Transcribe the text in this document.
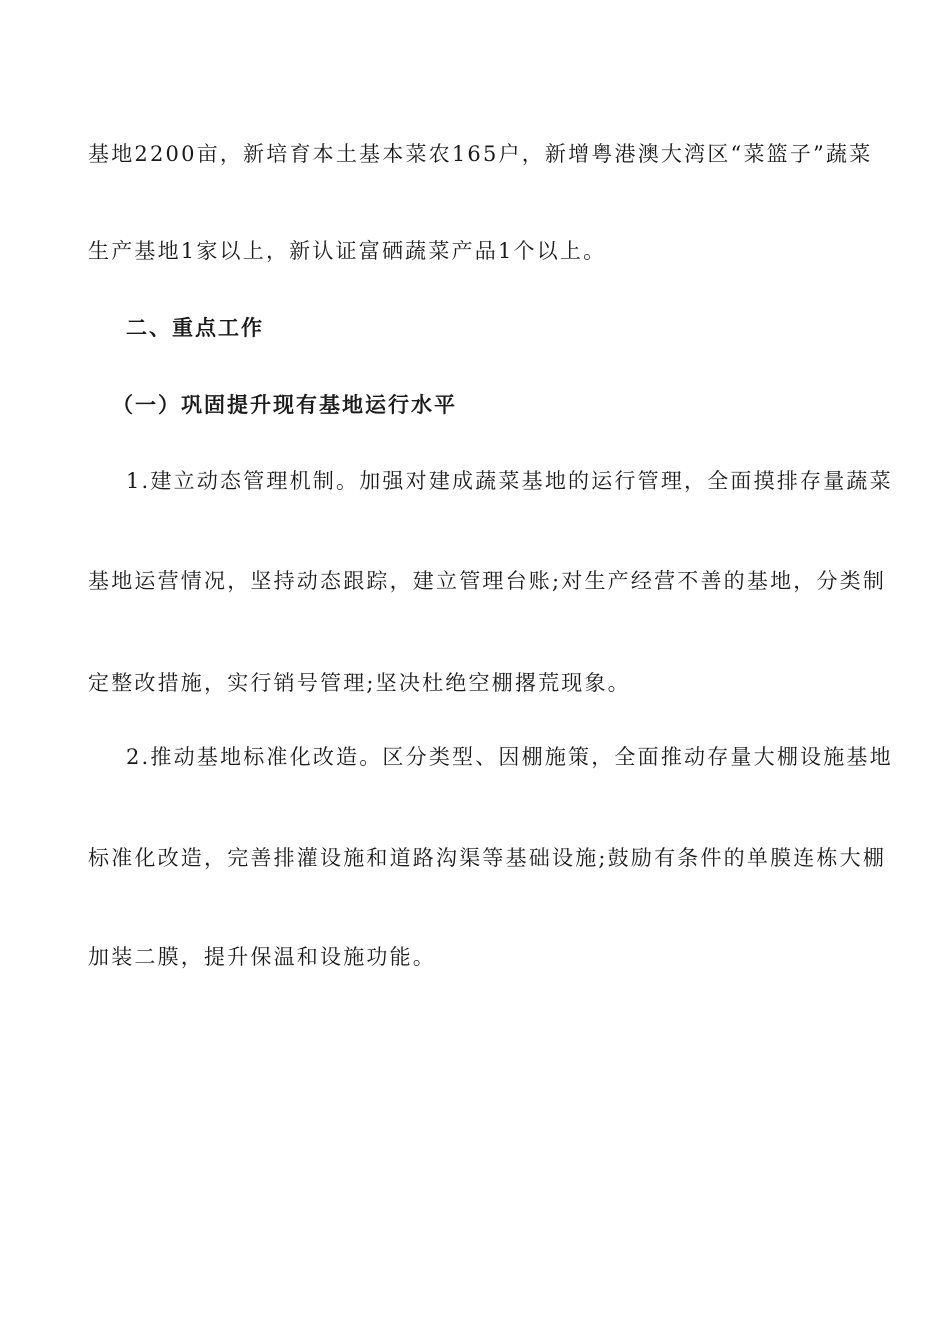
基地2200亩，新培育本土基本菜农165户，新增粤港澳大湾区“菜篮子”蔬菜
生产基地1家以上，新认证富硒蔬菜产品1个以上。
二、重点工作
（一）巩固提升现有基地运行水平
1.建立动态管理机制。加强对建成蔬菜基地的运行管理，全面摸排存量蔬菜
基地运营情况，坚持动态跟踪，建立管理台账;对生产经营不善的基地，分类制
定整改措施，实行销号管理;坚决杜绝空棚撂荒现象。
2.推动基地标准化改造。区分类型、因棚施策，全面推动存量大棚设施基地
标准化改造，完善排灌设施和道路沟渠等基础设施;鼓励有条件的单膜连栋大棚
加装二膜，提升保温和设施功能。
